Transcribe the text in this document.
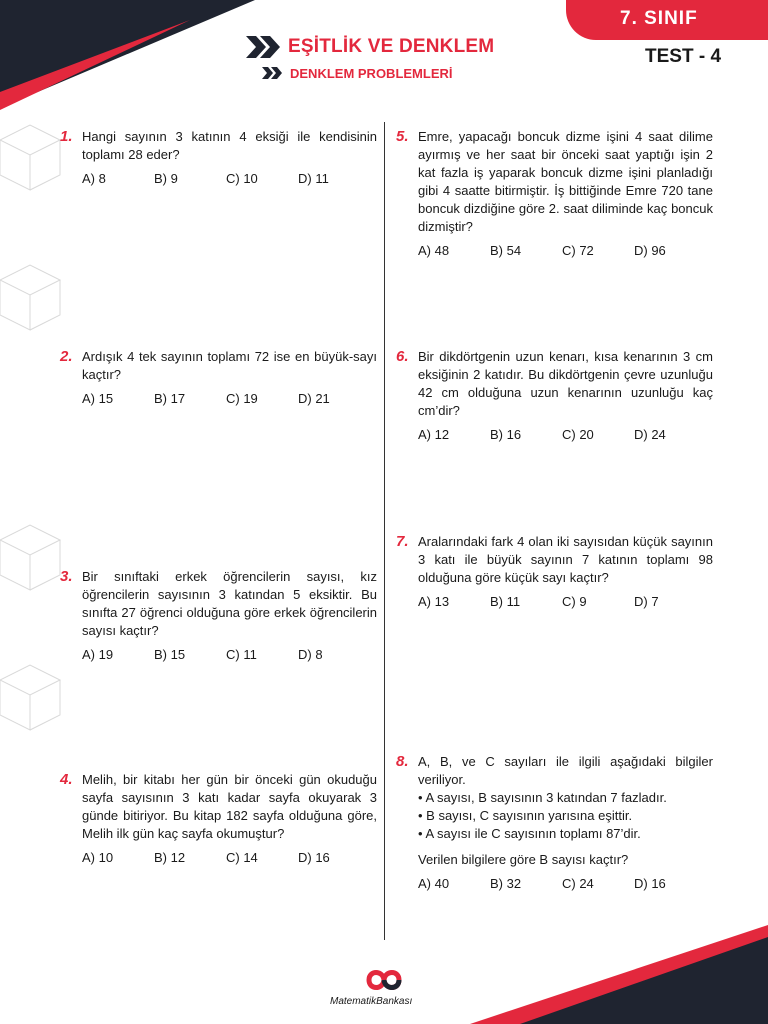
EŞİTLİK VE DENKLEM
DENKLEM PROBLEMLERİ
7. SINIF
TEST - 4
1. Hangi sayının 3 katının 4 eksiği ile kendisinin toplamı 28 eder?
A) 8	B) 9	C) 10	D) 11
2. Ardışık 4 tek sayının toplamı 72 ise en büyük-sayı kaçtır?
A) 15	B) 17	C) 19	D) 21
3. Bir sınıftaki erkek öğrencilerin sayısı, kız öğrencilerin sayısının 3 katından 5 eksiktir. Bu sınıfta 27 öğrenci olduğuna göre erkek öğrencilerin sayısı kaçtır?
A) 19	B) 15	C) 11	D) 8
4. Melih, bir kitabı her gün bir önceki gün okuduğu sayfa sayısının 3 katı kadar sayfa okuyarak 3 günde bitiriyor. Bu kitap 182 sayfa olduğuna göre, Melih ilk gün kaç sayfa okumuştur?
A) 10	B) 12	C) 14	D) 16
5. Emre, yapacağı boncuk dizme işini 4 saat dilime ayırmış ve her saat bir önceki saat yaptığı işin 2 kat fazla iş yaparak boncuk dizme işini planladığı gibi 4 saatte bitirmiştir. İş bittiğinde Emre 720 tane boncuk dizdiğine göre 2. saat diliminde kaç boncuk dizmiştir?
A) 48	B) 54	C) 72	D) 96
6. Bir dikdörtgenin uzun kenarı, kısa kenarının 3 cm eksiğinin 2 katıdır. Bu dikdörtgenin çevre uzunluğu 42 cm olduğuna uzun kenarının uzunluğu kaç cm’dir?
A) 12	B) 16	C) 20	D) 24
7. Aralarındaki fark 4 olan iki sayısıdan küçük sayının 3 katı ile büyük sayının 7 katının toplamı 98 olduğuna göre küçük sayı kaçtır?
A) 13	B) 11	C) 9	D) 7
8. A, B, ve C sayıları ile ilgili aşağıdaki bilgiler veriliyor.
• A sayısı, B sayısının 3 katından 7 fazladır.
• B sayısı, C sayısının yarısına eşittir.
• A sayısı ile C sayısının toplamı 87’dir.
Verilen bilgilere göre B sayısı kaçtır?
A) 40	B) 32	C) 24	D) 16
MatematikBankası
